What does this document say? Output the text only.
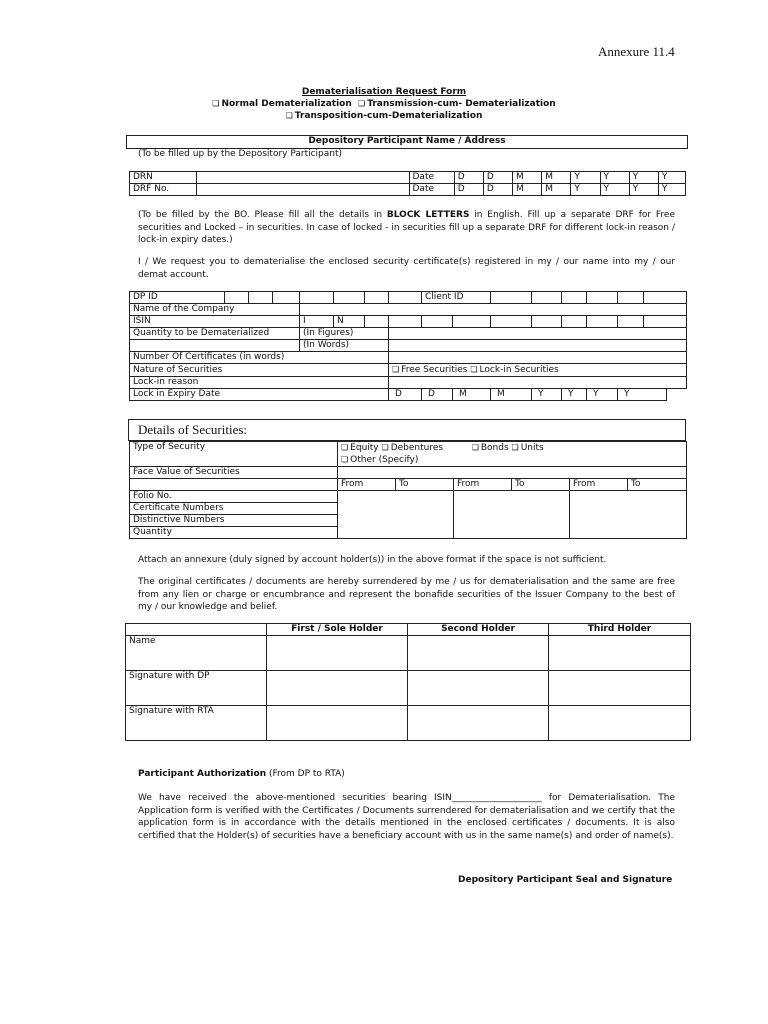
Annexure 11.4
Dematerialisation Request Form
❏ Normal Dematerialization ❏ Transmission-cum- Dematerialization
❏ Transposition-cum-Dematerialization
Depository Participant Name / Address
(To be filled up by the Depository Participant)
DRN		Date	D	D	M	M	Y	Y	Y	Y
DRF No.		Date	D	D	M	M	Y	Y	Y	Y
(To be filled by the BO. Please fill all the details in BLOCK LETTERS in English. Fill up a separate DRF for Free securities and Locked – in securities. In case of locked - in securities fill up a separate DRF for different lock-in reason / lock-in expiry dates.)
I / We request you to dematerialise the enclosed security certificate(s) registered in my / our name into my / our demat account.
DP ID								Client ID							
Name of the Company															
ISIN				I	N										
Quantity to be Dematerialized				(In Figures)											
				(In Words)											
Number Of Certificates (in words)															
Nature of Securities	❏Free Securities ❏ Lock-in Securities
Lock-in reason															
Lock in Expiry Date							D	D	M	M	Y	Y	Y	Y	
Details of Securities:
Type of Security	❏Equity ❏ Debentures ❏ Bonds ❏ Units
❏ Other (Specify)
Face Value of Securities						
	From	To	From	To	From	To
Folio No.						
Certificate Numbers						
Distinctive Numbers						
Quantity						
Attach an annexure (duly signed by account holder(s)) in the above format if the space is not sufficient.
The original certificates / documents are hereby surrendered by me / us for dematerialisation and the same are free from any lien or charge or encumbrance and represent the bonafide securities of the Issuer Company to the best of my / our knowledge and belief.
	First / Sole Holder	Second Holder	Third Holder
Name			
Signature with DP			
Signature with RTA			
Participant Authorization (From DP to RTA)
We have received the above-mentioned securities bearing ISIN____________________ for Dematerialisation. The Application form is verified with the Certificates / Documents surrendered for dematerialisation and we certify that the application form is in accordance with the details mentioned in the enclosed certificates / documents. It is also certified that the Holder(s) of securities have a beneficiary account with us in the same name(s) and order of name(s).
Depository Participant Seal and Signature
